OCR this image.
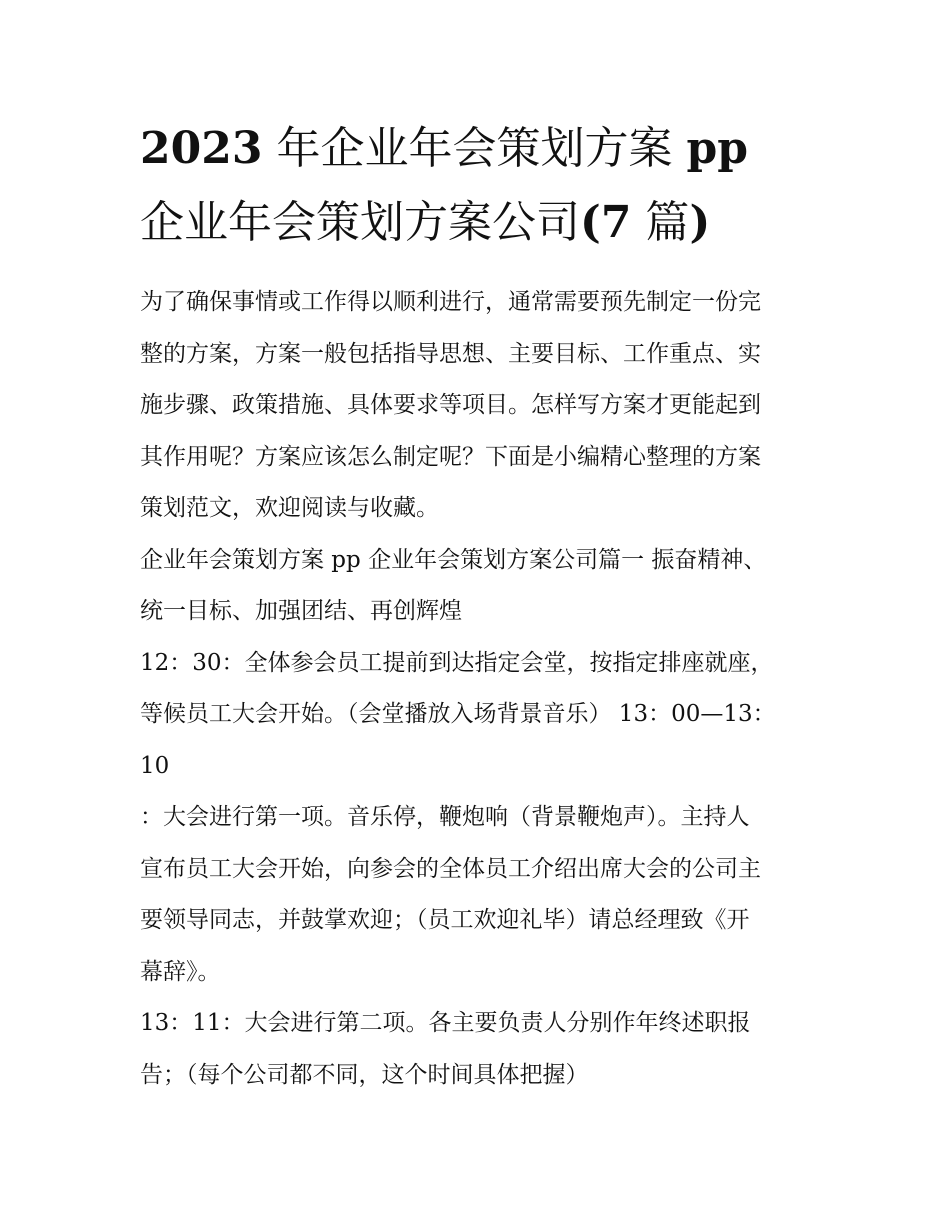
2023 年企业年会策划方案 pp
企业年会策划方案公司(7 篇)
为了确保事情或工作得以顺利进行，通常需要预先制定一份完
整的方案，方案一般包括指导思想、主要目标、工作重点、实
施步骤、政策措施、具体要求等项目。怎样写方案才更能起到
其作用呢？方案应该怎么制定呢？下面是小编精心整理的方案
策划范文，欢迎阅读与收藏。
企业年会策划方案 pp 企业年会策划方案公司篇一 振奋精神、
统一目标、加强团结、再创辉煌
12：30：全体参会员工提前到达指定会堂，按指定排座就座，
等候员工大会开始。（会堂播放入场背景音乐） 13：00—13：
10
：大会进行第一项。音乐停，鞭炮响（背景鞭炮声）。主持人
宣布员工大会开始，向参会的全体员工介绍出席大会的公司主
要领导同志，并鼓掌欢迎；（员工欢迎礼毕）请总经理致《开
幕辞》。
13：11：大会进行第二项。各主要负责人分别作年终述职报
告；（每个公司都不同，这个时间具体把握）
